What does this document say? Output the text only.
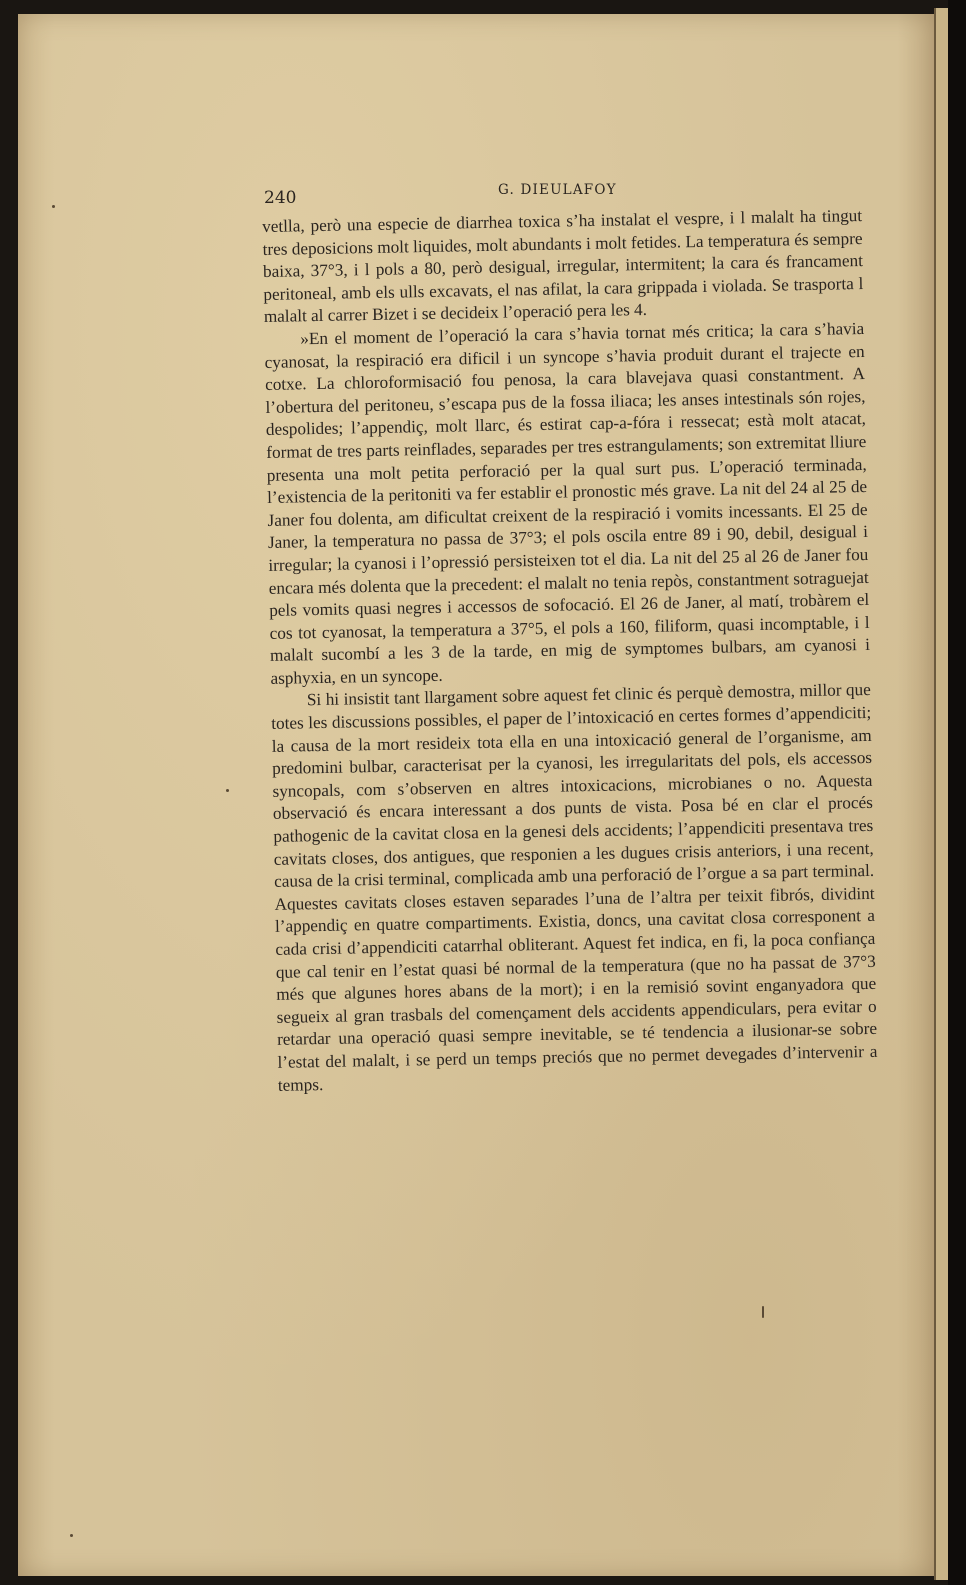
240	G. DIEULAFOY

vetlla, però una especie de diarrhea toxica s’ha instalat el vespre, i l malalt ha tingut tres deposicions molt liquides, molt abundants i molt fetides. La temperatura és sempre baixa, 37°3, i l pols a 80, però desigual, irregular, intermitent; la cara és francament peritoneal, amb els ulls excavats, el nas afilat, la cara grippada i violada. Se trasporta l malalt al carrer Bizet i se decideix l’operació pera les 4.

»En el moment de l’operació la cara s’havia tornat més critica; la cara s’havia cyanosat, la respiració era dificil i un syncope s’havia produit durant el trajecte en cotxe. La chloroformisació fou penosa, la cara blavejava quasi constantment. A l’obertura del peritoneu, s’escapa pus de la fossa iliaca; les anses intestinals són rojes, despolides; l’appendiç, molt llarc, és estirat cap-a-fóra i ressecat; està molt atacat, format de tres parts reinflades, separades per tres estrangulaments; son extremitat lliure presenta una molt petita perforació per la qual surt pus. L’operació terminada, l’existencia de la peritoniti va fer establir el pronostic més grave. La nit del 24 al 25 de Janer fou dolenta, am dificultat creixent de la respiració i vomits incessants. El 25 de Janer, la temperatura no passa de 37°3; el pols oscila entre 89 i 90, debil, desigual i irregular; la cyanosi i l’opressió persisteixen tot el dia. La nit del 25 al 26 de Janer fou encara més dolenta que la precedent: el malalt no tenia repòs, constantment sotraguejat pels vomits quasi negres i accessos de sofocació. El 26 de Janer, al matí, trobàrem el cos tot cyanosat, la temperatura a 37°5, el pols a 160, filiform, quasi incomptable, i l malalt sucombí a les 3 de la tarde, en mig de symptomes bulbars, am cyanosi i asphyxia, en un syncope.

Si hi insistit tant llargament sobre aquest fet clinic és perquè demostra, millor que totes les discussions possibles, el paper de l’intoxicació en certes formes d’appendiciti; la causa de la mort resideix tota ella en una intoxicació general de l’organisme, am predomini bulbar, caracterisat per la cyanosi, les irregularitats del pols, els accessos syncopals, com s’observen en altres intoxicacions, microbianes o no. Aquesta observació és encara interessant a dos punts de vista. Posa bé en clar el procés pathogenic de la cavitat closa en la genesi dels accidents; l’appendiciti presentava tres cavitats closes, dos antigues, que responien a les dugues crisis anteriors, i una recent, causa de la crisi terminal, complicada amb una perforació de l’orgue a sa part terminal. Aquestes cavitats closes estaven separades l’una de l’altra per teixit fibrós, dividint l’appendiç en quatre compartiments. Existia, doncs, una cavitat closa corresponent a cada crisi d’appendiciti catarrhal obliterant. Aquest fet indica, en fi, la poca confiança que cal tenir en l’estat quasi bé normal de la temperatura (que no ha passat de 37°3 més que algunes hores abans de la mort); i en la remisió sovint enganyadora que segueix al gran trasbals del començament dels accidents appendiculars, pera evitar o retardar una operació quasi sempre inevitable, se té tendencia a ilusionar-se sobre l’estat del malalt, i se perd un temps preciós que no permet devegades d’intervenir a temps.
